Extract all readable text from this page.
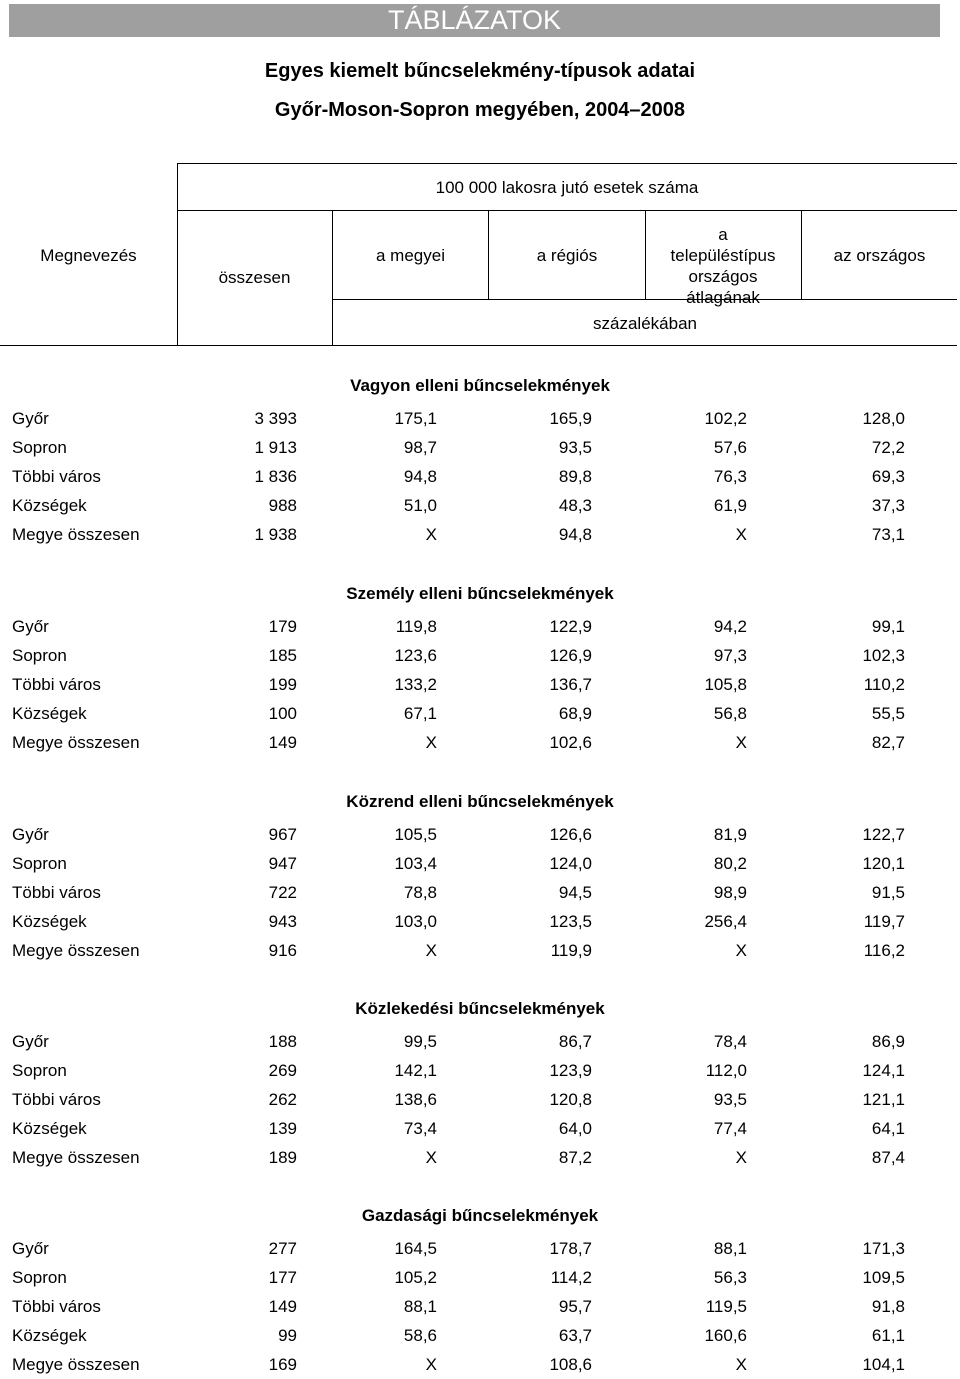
TÁBLÁZATOK
Egyes kiemelt bűncselekmény-típusok adatai
Győr-Moson-Sopron megyében, 2004–2008
Megnevezés
100 000 lakosra jutó esetek száma
összesen
a megyei	a régiós
a településtípus országos átlagának
az országos
százalékában
Vagyon elleni bűncselekmények
Győr	3 393	175,1	165,9	102,2	128,0
Sopron	1 913	98,7	93,5	57,6	72,2
Többi város	1 836	94,8	89,8	76,3	69,3
Községek	988	51,0	48,3	61,9	37,3
Megye összesen	1 938	X	94,8	X	73,1
Személy elleni bűncselekmények
Győr	179	119,8	122,9	94,2	99,1
Sopron	185	123,6	126,9	97,3	102,3
Többi város	199	133,2	136,7	105,8	110,2
Községek	100	67,1	68,9	56,8	55,5
Megye összesen	149	X	102,6	X	82,7
Közrend elleni bűncselekmények
Győr	967	105,5	126,6	81,9	122,7
Sopron	947	103,4	124,0	80,2	120,1
Többi város	722	78,8	94,5	98,9	91,5
Községek	943	103,0	123,5	256,4	119,7
Megye összesen	916	X	119,9	X	116,2
Közlekedési bűncselekmények
Győr	188	99,5	86,7	78,4	86,9
Sopron	269	142,1	123,9	112,0	124,1
Többi város	262	138,6	120,8	93,5	121,1
Községek	139	73,4	64,0	77,4	64,1
Megye összesen	189	X	87,2	X	87,4
Gazdasági bűncselekmények
Győr	277	164,5	178,7	88,1	171,3
Sopron	177	105,2	114,2	56,3	109,5
Többi város	149	88,1	95,7	119,5	91,8
Községek	99	58,6	63,7	160,6	61,1
Megye összesen	169	X	108,6	X	104,1
